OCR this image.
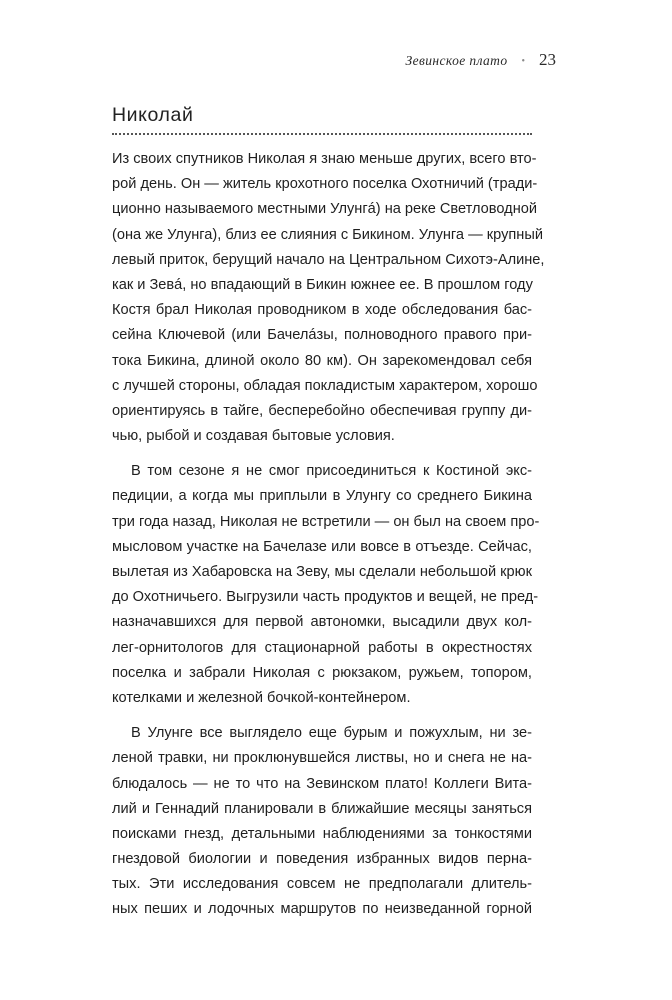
Зевинское плато • 23
Николай
Из своих спутников Николая я знаю меньше других, всего вто-
рой день. Он — житель крохотного поселка Охотничий (тради-
ционно называемого местными Улунгá) на реке Светловодной
(она же Улунга), близ ее слияния с Бикином. Улунга — крупный
левый приток, берущий начало на Центральном Сихотэ-Алине,
как и Зевá, но впадающий в Бикин южнее ее. В прошлом году
Костя брал Николая проводником в ходе обследования бас-
сейна Ключевой (или Бачелáзы, полноводного правого при-
тока Бикина, длиной около 80 км). Он зарекомендовал себя
с лучшей стороны, обладая покладистым характером, хорошо
ориентируясь в тайге, бесперебойно обеспечивая группу ди-
чью, рыбой и создавая бытовые условия.
В том сезоне я не смог присоединиться к Костиной экс-
педиции, а когда мы приплыли в Улунгу со среднего Бикина
три года назад, Николая не встретили — он был на своем про-
мысловом участке на Бачелазе или вовсе в отъезде. Сейчас,
вылетая из Хабаровска на Зеву, мы сделали небольшой крюк
до Охотничьего. Выгрузили часть продуктов и вещей, не пред-
назначавшихся для первой автономки, высадили двух кол-
лег-орнитологов для стационарной работы в окрестностях
поселка и забрали Николая с рюкзаком, ружьем, топором,
котелками и железной бочкой-контейнером.
В Улунге все выглядело еще бурым и пожухлым, ни зе-
леной травки, ни проклюнувшейся листвы, но и снега не на-
блюдалось — не то что на Зевинском плато! Коллеги Вита-
лий и Геннадий планировали в ближайшие месяцы заняться
поисками гнезд, детальными наблюдениями за тонкостями
гнездовой биологии и поведения избранных видов перна-
тых. Эти исследования совсем не предполагали длитель-
ных пеших и лодочных маршрутов по неизведанной горной
